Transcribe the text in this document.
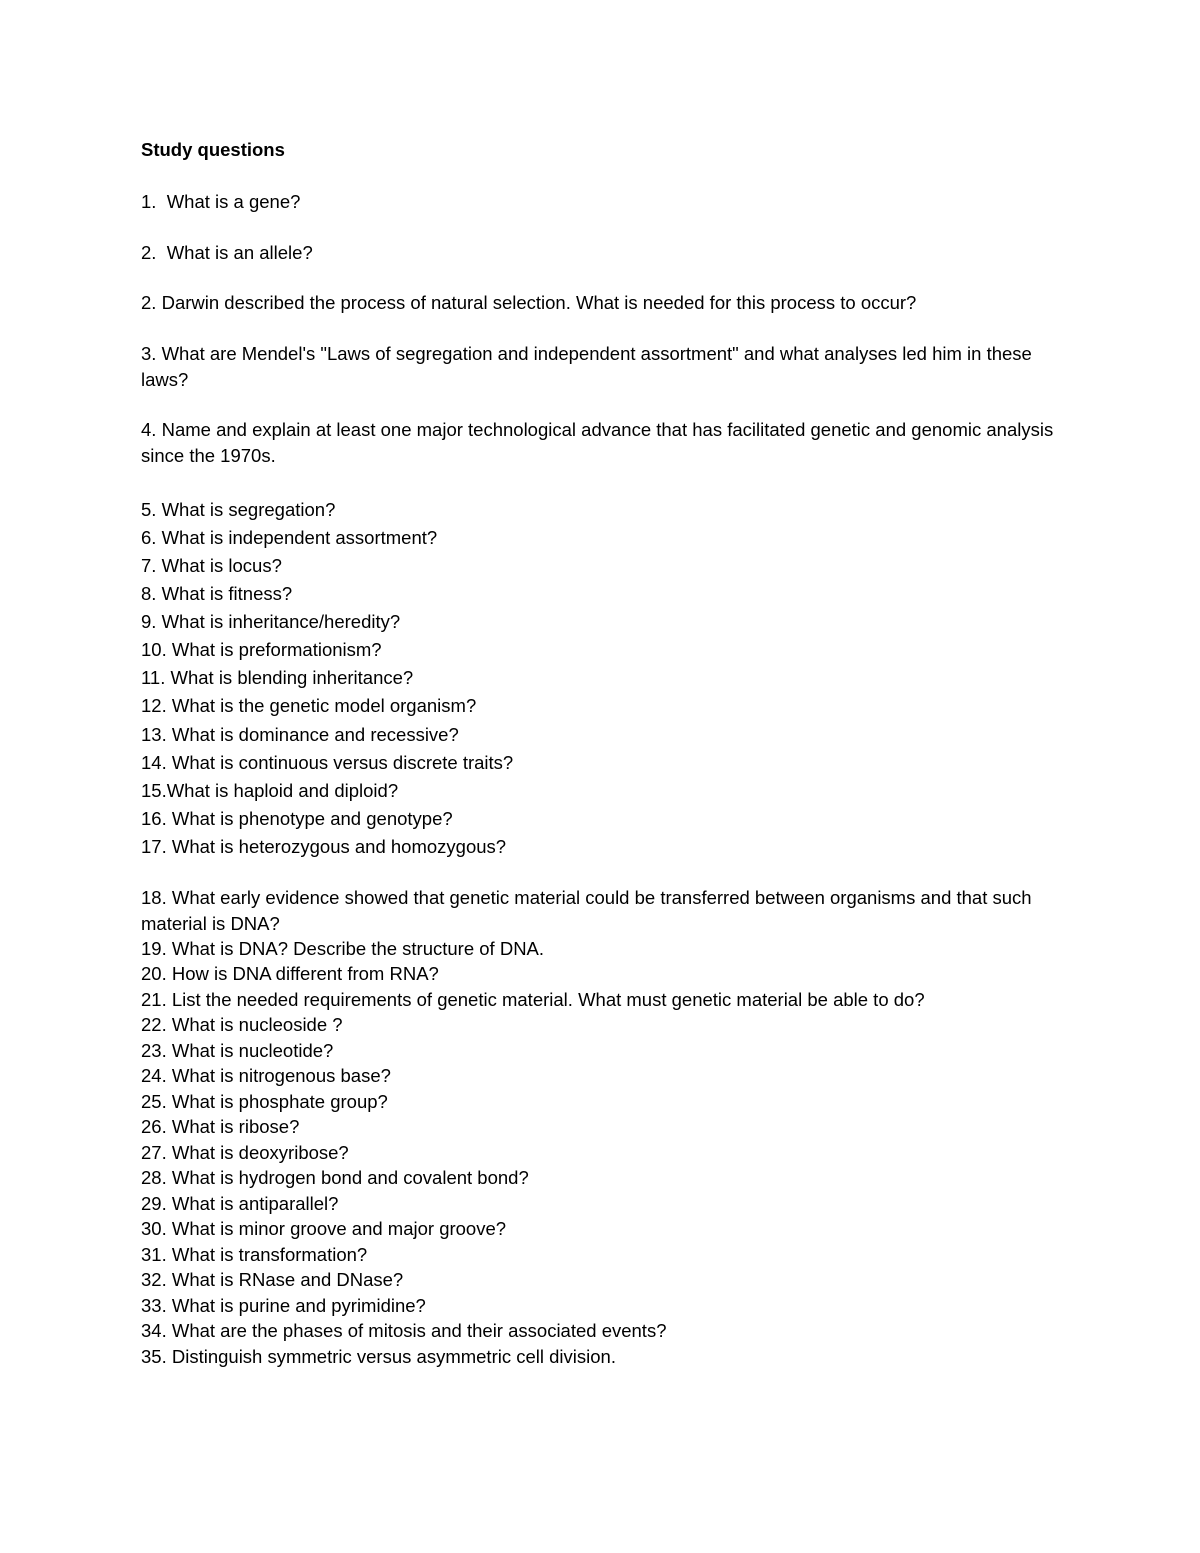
Study questions
1. What is a gene?
2. What is an allele?
2. Darwin described the process of natural selection. What is needed for this process to occur?
3. What are Mendel's "Laws of segregation and independent assortment" and what analyses led him in these laws?
4. Name and explain at least one major technological advance that has facilitated genetic and genomic analysis since the 1970s.
5. What is segregation?
6. What is independent assortment?
7. What is locus?
8. What is fitness?
9. What is inheritance/heredity?
10. What is preformationism?
11. What is blending inheritance?
12. What is the genetic model organism?
13. What is dominance and recessive?
14. What is continuous versus discrete traits?
15.What is haploid and diploid?
16. What is phenotype and genotype?
17. What is heterozygous and homozygous?
18. What early evidence showed that genetic material could be transferred between organisms and that such material is DNA?
19. What is DNA? Describe the structure of DNA.
20. How is DNA different from RNA?
21. List the needed requirements of genetic material. What must genetic material be able to do?
22. What is nucleoside ?
23. What is nucleotide?
24. What is nitrogenous base?
25. What is phosphate group?
26. What is ribose?
27. What is deoxyribose?
28. What is hydrogen bond and covalent bond?
29. What is antiparallel?
30. What is minor groove and major groove?
31. What is transformation?
32. What is RNase and DNase?
33. What is purine and pyrimidine?
34. What are the phases of mitosis and their associated events?
35. Distinguish symmetric versus asymmetric cell division.
